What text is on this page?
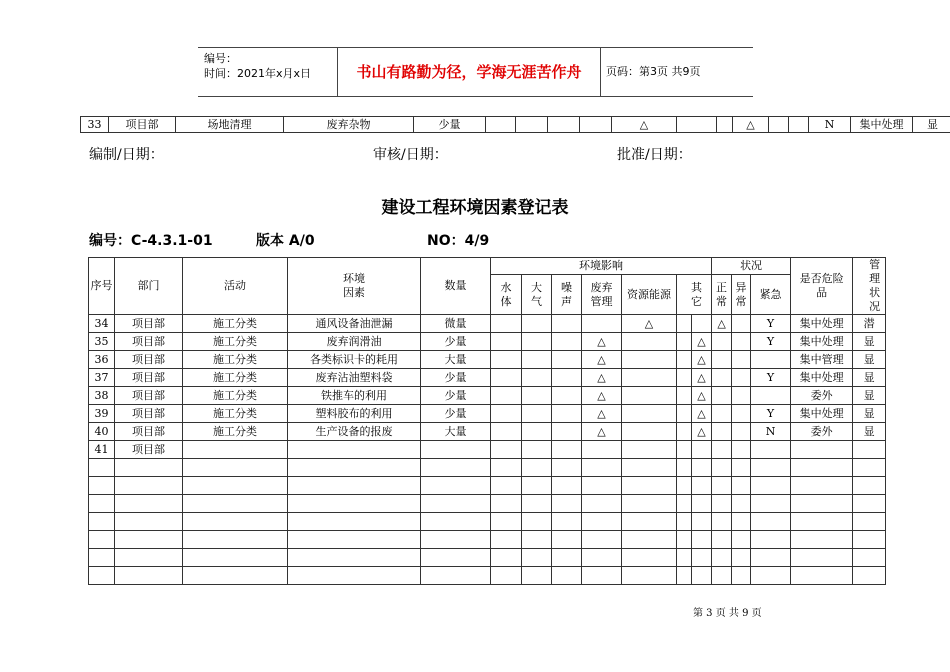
编号：
时间：2021年x月x日	书山有路勤为径，学海无涯苦作舟	页码：第3页 共9页
33	项目部	场地清理	废弃杂物	少量					△			△			N	集中处理	显
编制/日期：	审核/日期：	批准/日期：
建设工程环境因素登记表
编号：C-4.3.1-01	版本 A/0	NO：4/9
序号	部门	活动	环境因素	数量	环境影响							状况			是否危险品	管理状况	
					水体	大气	噪声	废弃管理	资源能源	其它		正常	异常	紧急			

34	项目部	施工分类	通风设备油泄漏	微量					△			△		Y	集中处理	潜	
35	项目部	施工分类	废弃润滑油	少量				△			△			Y	集中处理	显	
36	项目部	施工分类	各类标识卡的耗用	大量				△			△				集中管理	显	
37	项目部	施工分类	废弃沾油塑料袋	少量				△			△			Y	集中处理	显	
38	项目部	施工分类	铁推车的利用	少量				△			△				委外	显	
39	项目部	施工分类	塑料胶布的利用	少量				△			△			Y	集中处理	显	
40	项目部	施工分类	生产设备的报废	大量				△			△			N	委外	显	
41	项目部																

第 3 页 共 9 页
